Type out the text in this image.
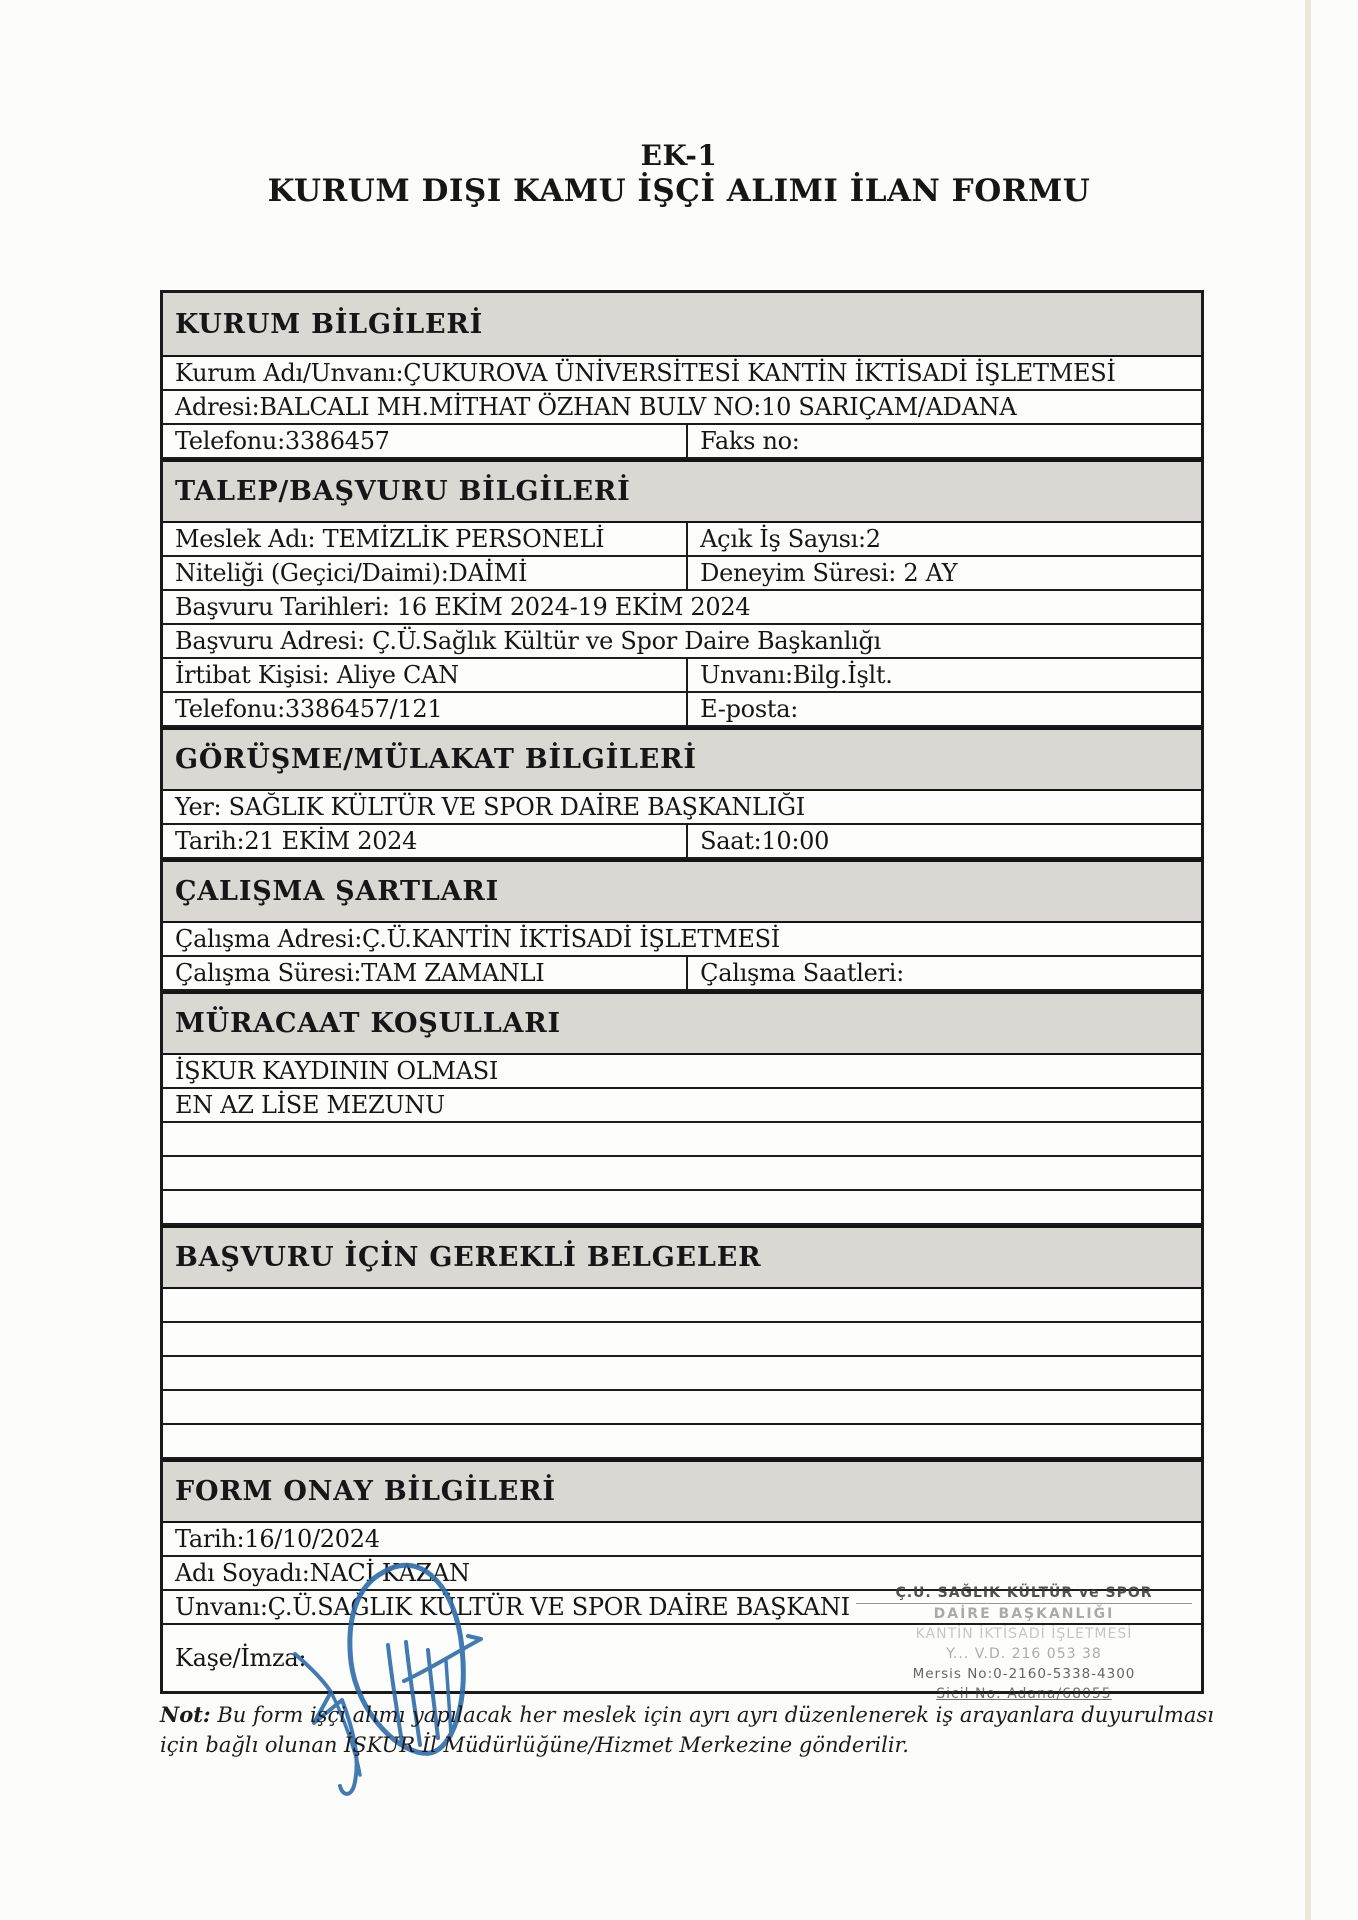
EK-1
KURUM DIŞI KAMU İŞÇİ ALIMI İLAN FORMU
KURUM BİLGİLERİ
Kurum Adı/Unvanı:ÇUKUROVA ÜNİVERSİTESİ KANTİN İKTİSADİ İŞLETMESİ
Adresi:BALCALI MH.MİTHAT ÖZHAN BULV NO:10 SARIÇAM/ADANA
Telefonu:3386457	Faks no:
TALEP/BAŞVURU BİLGİLERİ
Meslek Adı: TEMİZLİK PERSONELİ	Açık İş Sayısı:2
Niteliği (Geçici/Daimi):DAİMİ	Deneyim Süresi: 2 AY
Başvuru Tarihleri: 16 EKİM 2024-19 EKİM 2024
Başvuru Adresi: Ç.Ü.Sağlık Kültür ve Spor Daire Başkanlığı
İrtibat Kişisi: Aliye CAN	Unvanı:Bilg.İşlt.
Telefonu:3386457/121	E-posta:
GÖRÜŞME/MÜLAKAT BİLGİLERİ
Yer: SAĞLIK KÜLTÜR VE SPOR DAİRE BAŞKANLIĞI
Tarih:21 EKİM 2024	Saat:10:00
ÇALIŞMA ŞARTLARI
Çalışma Adresi:Ç.Ü.KANTİN İKTİSADİ İŞLETMESİ
Çalışma Süresi:TAM ZAMANLI	Çalışma Saatleri:
MÜRACAAT KOŞULLARI
İŞKUR KAYDININ OLMASI
EN AZ LİSE MEZUNU
BAŞVURU İÇİN GEREKLİ BELGELER
FORM ONAY BİLGİLERİ
Tarih:16/10/2024
Adı Soyadı:NACİ KAZAN
Unvanı:Ç.Ü.SAĞLIK KÜLTÜR VE SPOR DAİRE BAŞKANI
Kaşe/İmza:
Ç.U. SAĞLIK KÜLTÜR ve SPOR
DAİRE BAŞKANLIĞI
KANTİN İKTİSADİ İŞLETMESİ
Y... V.D. 216 053 38
Mersis No:0-2160-5338-4300
Sicil No: Adana/68055
Not: Bu form işçi alımı yapılacak her meslek için ayrı ayrı düzenlenerek iş arayanlara duyurulması için bağlı olunan İŞKUR İl Müdürlüğüne/Hizmet Merkezine gönderilir.
